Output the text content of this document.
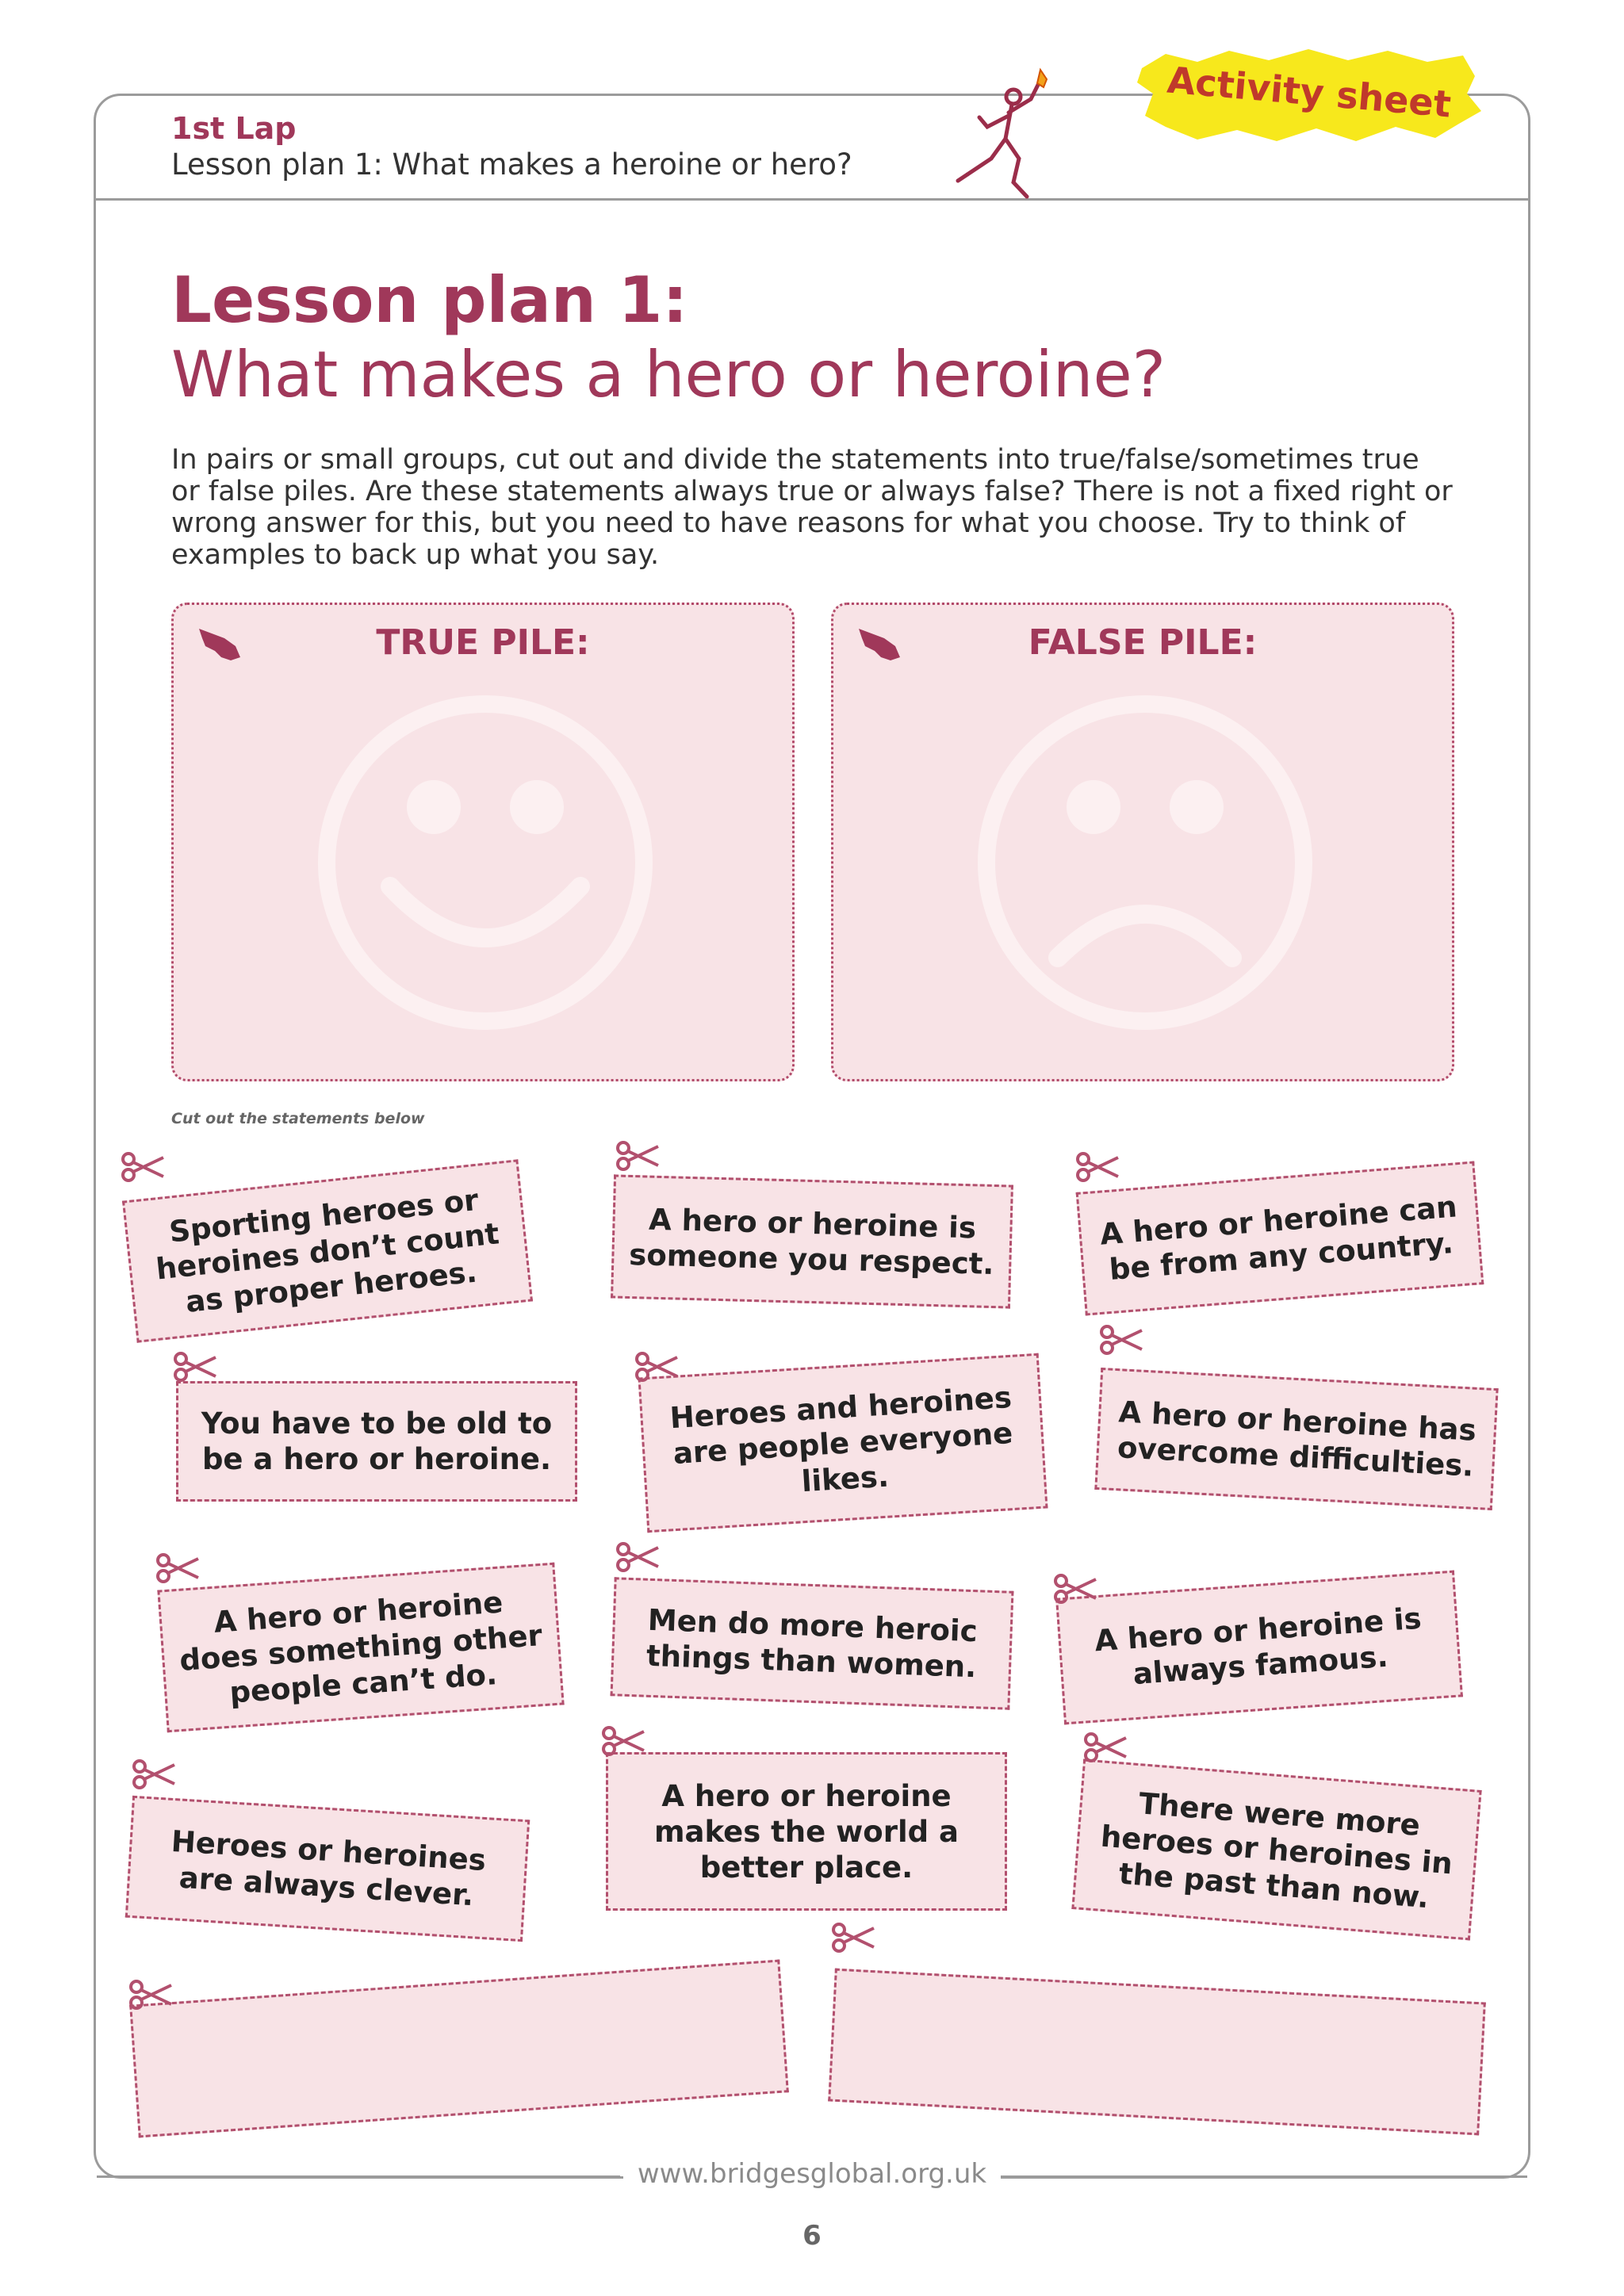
1st Lap
Lesson plan 1: What makes a heroine or hero?
Activity sheet
Lesson plan 1:
What makes a hero or heroine?
In pairs or small groups, cut out and divide the statements into true/false/sometimes true or false piles. Are these statements always true or always false? There is not a fixed right or wrong answer for this, but you need to have reasons for what you choose. Try to think of examples to back up what you say.
TRUE PILE:	FALSE PILE:
Cut out the statements below
Sporting heroes or heroines don’t count as proper heroes.
A hero or heroine is someone you respect.
A hero or heroine can be from any country.
You have to be old to be a hero or heroine.
Heroes and heroines are people everyone likes.
A hero or heroine has overcome difficulties.
A hero or heroine does something other people can’t do.
Men do more heroic things than women.
A hero or heroine is always famous.
Heroes or heroines are always clever.
A hero or heroine makes the world a better place.
There were more heroes or heroines in the past than now.
www.bridgesglobal.org.uk
6
